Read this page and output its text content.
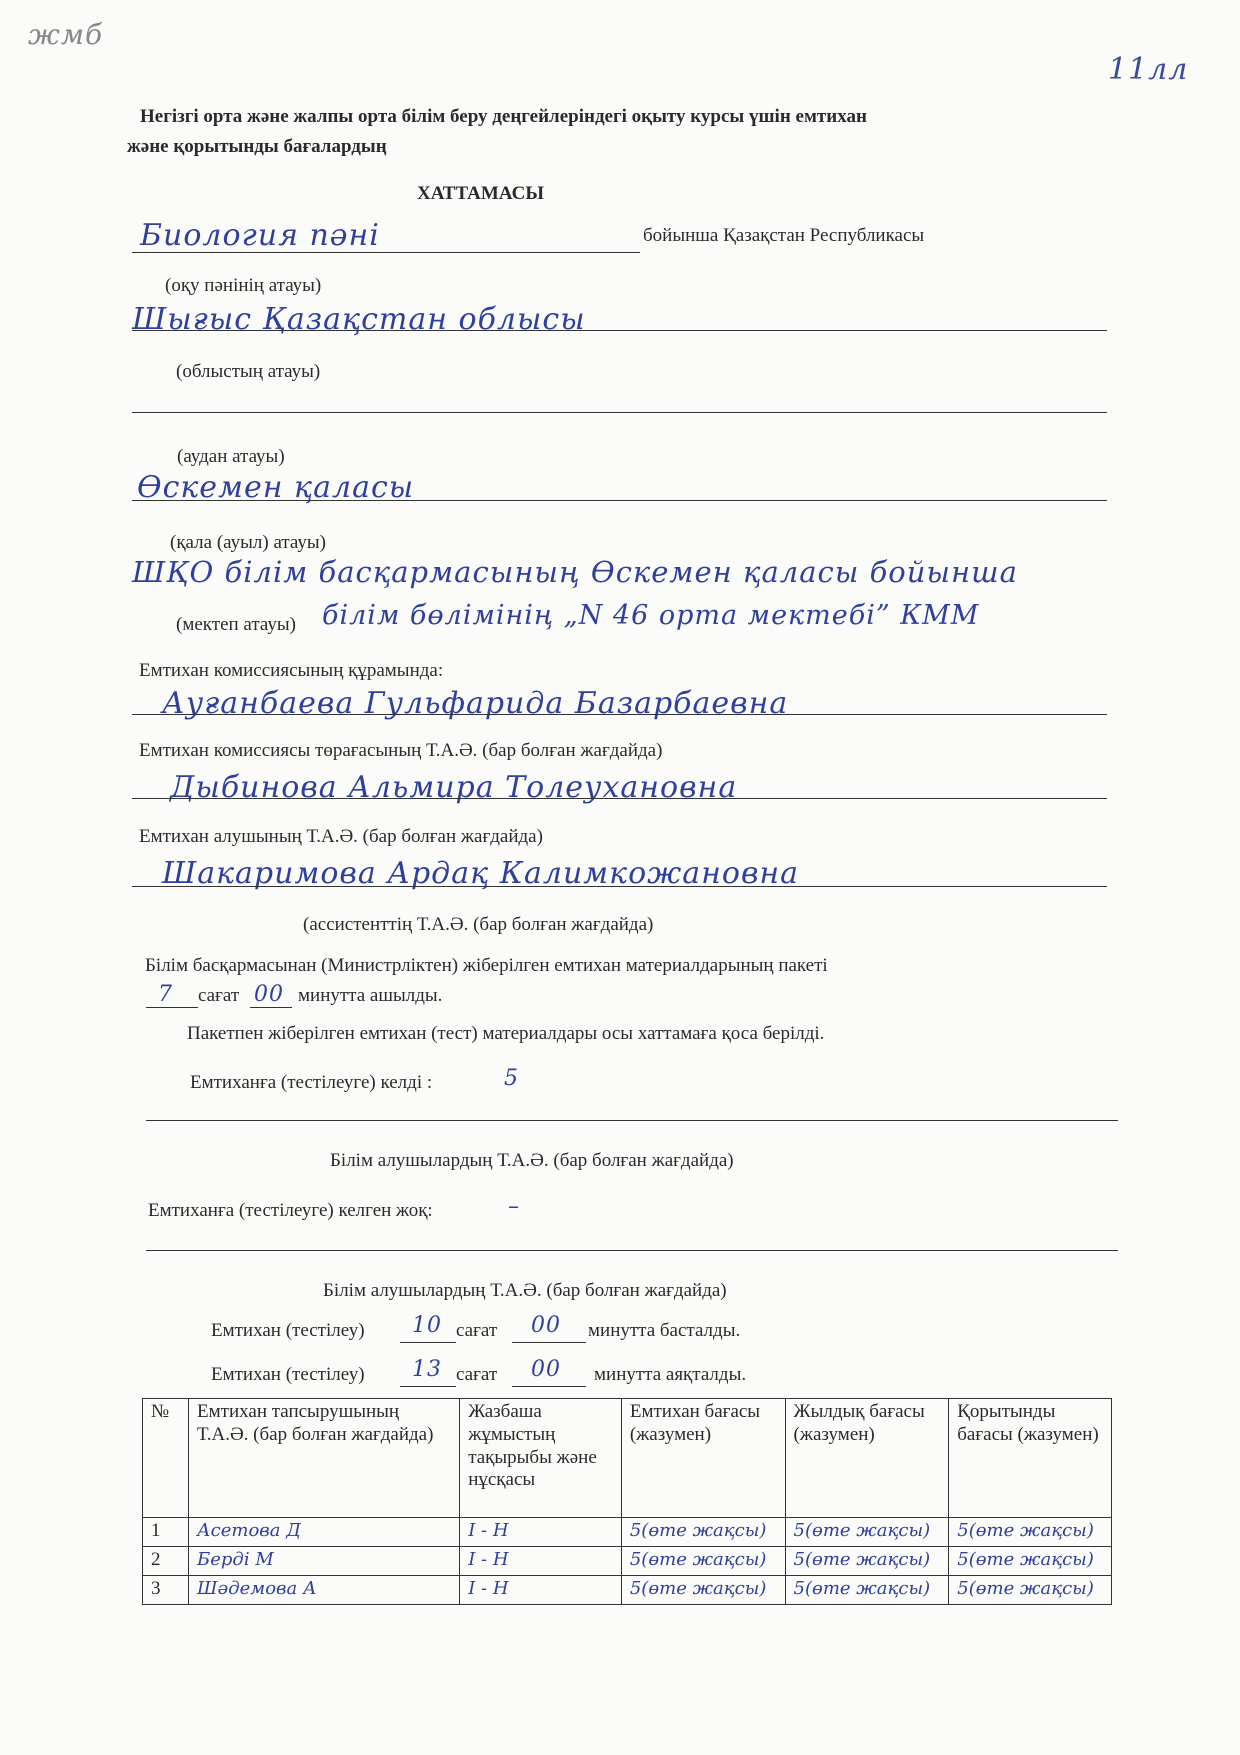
жмб
11лл
Негізгі орта және жалпы орта білім беру деңгейлеріндегі оқыту курсы үшін емтихан
және қорытынды бағалардың
ХАТТАМАСЫ
Биология пәні	бойынша Қазақстан Республикасы
(оқу пәнінің атауы)
Шығыс Қазақстан облысы
(облыстың атауы)
(аудан атауы)
Өскемен қаласы
(қала (ауыл) атауы)
ШҚО білім басқармасының Өскемен қаласы бойынша
(мектеп атауы) білім бөлімінің „N 46 орта мектебі” КММ
Емтихан комиссиясының құрамында:
Ауғанбаева Гульфарида Базарбаевна
Емтихан комиссиясы төрағасының Т.А.Ә. (бар болған жағдайда)
Дыбинова Альмира Толеухановна
Емтихан алушының Т.А.Ә. (бар болған жағдайда)
Шакаримова Ардақ Калимкожановна
(ассистенттің Т.А.Ә. (бар болған жағдайда)
Білім басқармасынан (Министрліктен) жіберілген емтихан материалдарының пакеті
7 сағат 00 минутта ашылды.
Пакетпен жіберілген емтихан (тест) материалдары осы хаттамаға қоса берілді.
Емтиханға (тестілеуге) келді :	5
Білім алушылардың Т.А.Ә. (бар болған жағдайда)
Емтиханға (тестілеуге) келген жоқ:	–
Білім алушылардың Т.А.Ә. (бар болған жағдайда)
Емтихан (тестілеу) 10 сағат 00 минутта басталды.
Емтихан (тестілеу) 13 сағат 00 минутта аяқталды.
№	Емтихан тапсырушының Т.А.Ә. (бар болған жағдайда)	Жазбаша жұмыстың тақырыбы және нұсқасы	Емтихан бағасы (жазумен)	Жылдық бағасы (жазумен)	Қорытынды бағасы (жазумен)
1	Асетова Д	I - Н	5(өте жақсы)	5(өте жақсы)	5(өте жақсы)
2	Берді М	I - Н	5(өте жақсы)	5(өте жақсы)	5(өте жақсы)
3	Шәдемова А	I - Н	5(өте жақсы)	5(өте жақсы)	5(өте жақсы)
